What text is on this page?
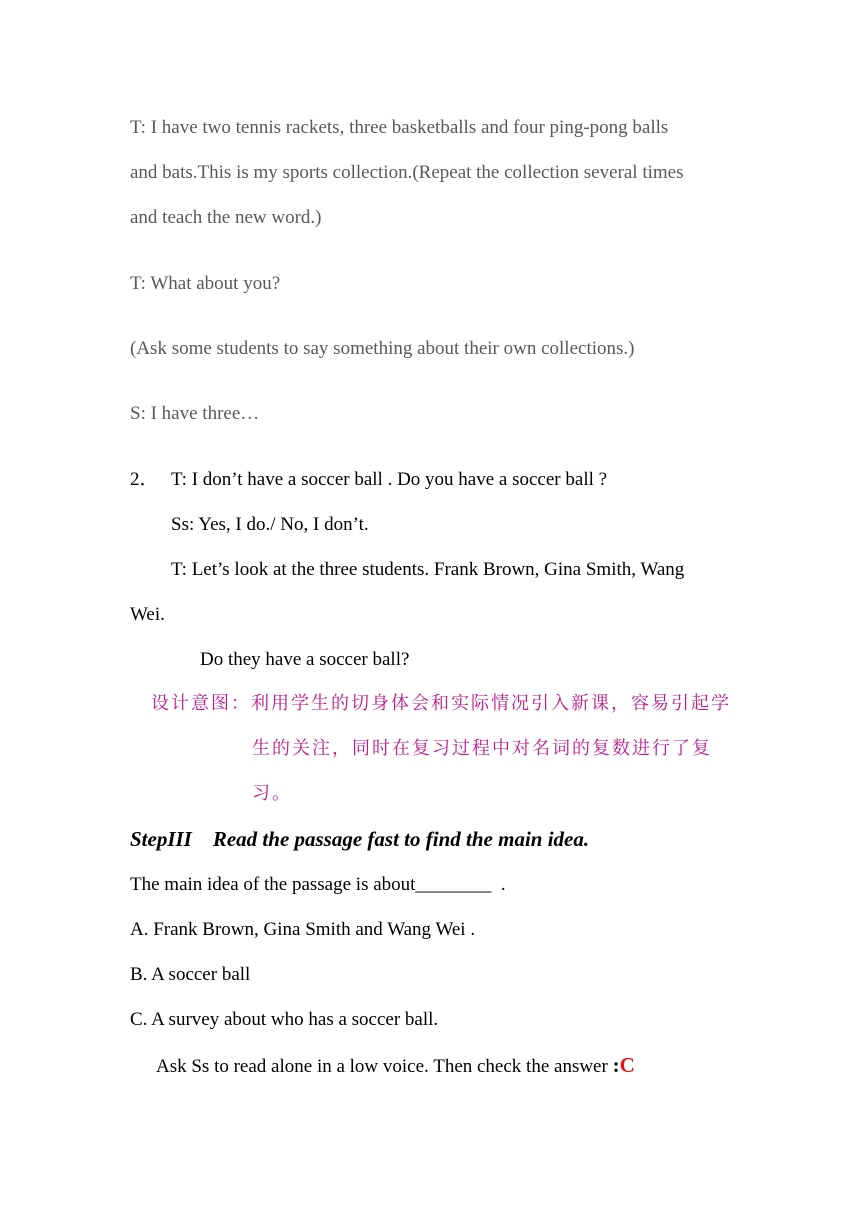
T: I have two tennis rackets, three basketballs and four ping-pong balls
and bats.This is my sports collection.(Repeat the collection several times
and teach the new word.)
T: What about you?
(Ask some students to say something about their own collections.)
S: I have three…
2． T: I don’t have a soccer ball . Do you have a soccer ball ?
Ss: Yes, I do./ No, I don’t.
T: Let’s look at the three students. Frank Brown, Gina Smith, Wang
Wei.
Do they have a soccer ball?
设计意图：利用学生的切身体会和实际情况引入新课，容易引起学
生的关注，同时在复习过程中对名词的复数进行了复
习。
StepIII    Read the passage fast to find the main idea.
The main idea of the passage is about________  .
A. Frank Brown, Gina Smith and Wang Wei .
B. A soccer ball
C. A survey about who has a soccer ball.
Ask Ss to read alone in a low voice. Then check the answer :C
